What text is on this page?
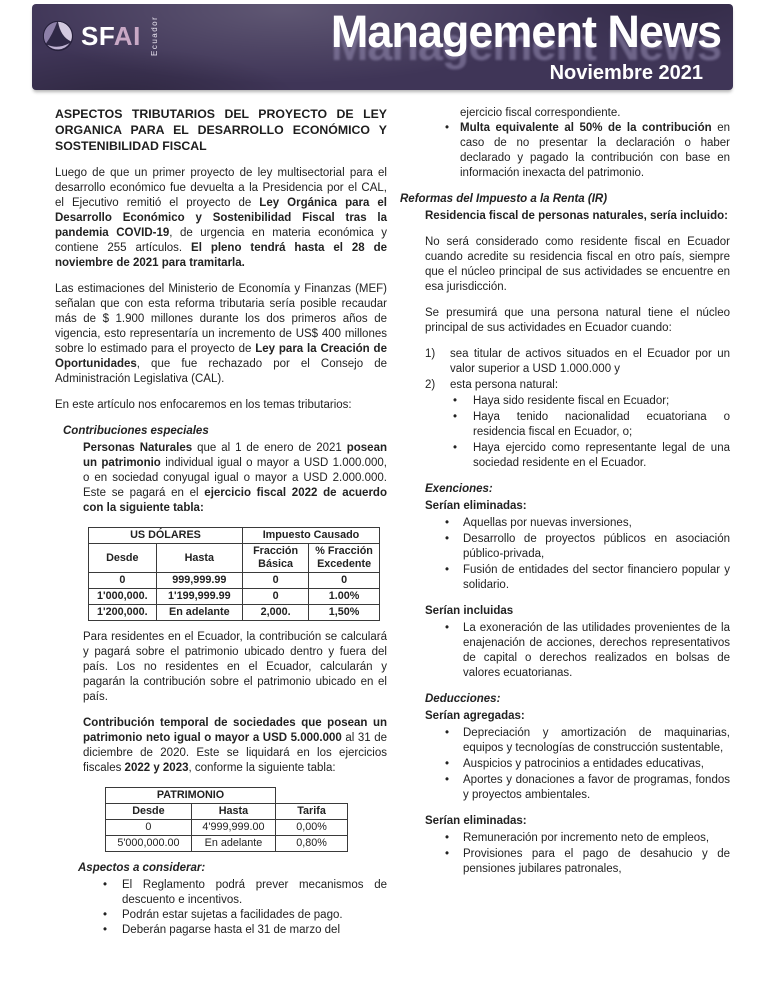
SFAI Ecuador	Management News
Noviembre 2021
ASPECTOS TRIBUTARIOS DEL PROYECTO DE LEY ORGANICA PARA EL DESARROLLO ECONÓMICO Y SOSTENIBILIDAD FISCAL

Luego de que un primer proyecto de ley multisectorial para el desarrollo económico fue devuelta a la Presidencia por el CAL, el Ejecutivo remitió el proyecto de Ley Orgánica para el Desarrollo Económico y Sostenibilidad Fiscal tras la pandemia COVID-19, de urgencia en materia económica y contiene 255 artículos. El pleno tendrá hasta el 28 de noviembre de 2021 para tramitarla.

Las estimaciones del Ministerio de Economía y Finanzas (MEF) señalan que con esta reforma tributaria sería posible recaudar más de $ 1.900 millones durante los dos primeros años de vigencia, esto representaría un incremento de US$ 400 millones sobre lo estimado para el proyecto de Ley para la Creación de Oportunidades, que fue rechazado por el Consejo de Administración Legislativa (CAL).

En este artículo nos enfocaremos en los temas tributarios:

Contribuciones especiales

Personas Naturales que al 1 de enero de 2021 posean un patrimonio individual igual o mayor a USD 1.000.000, o en sociedad conyugal igual o mayor a USD 2.000.000. Este se pagará en el ejercicio fiscal 2022 de acuerdo con la siguiente tabla:

US DÓLARES		Impuesto Causado	
Desde	Hasta	Fracción Básica	% Fracción Excedente
0	999,999.99	0	0
1'000,000.	1'199,999.99	0	1.00%
1'200,000.	En adelante	2,000.	1,50%

Para residentes en el Ecuador, la contribución se calculará y pagará sobre el patrimonio ubicado dentro y fuera del país. Los no residentes en el Ecuador, calcularán y pagarán la contribución sobre el patrimonio ubicado en el país.

Contribución temporal de sociedades que posean un patrimonio neto igual o mayor a USD 5.000.000 al 31 de diciembre de 2020. Este se liquidará en los ejercicios fiscales 2022 y 2023, conforme la siguiente tabla:

PATRIMONIO		
Desde	Hasta	Tarifa
0	4'999,999.00	0,00%
5'000,000.00	En adelante	0,80%
Aspectos a considerar:
• El Reglamento podrá prever mecanismos de descuento e incentivos.
• Podrán estar sujetas a facilidades de pago.
• Deberán pagarse hasta el 31 de marzo del

ejercicio fiscal correspondiente.

• Multa equivalente al 50% de la contribución en caso de no presentar la declaración o haber declarado y pagado la contribución con base en información inexacta del patrimonio.
Reformas del Impuesto a la Renta (IR)
Residencia fiscal de personas naturales, sería incluido:

No será considerado como residente fiscal en Ecuador cuando acredite su residencia fiscal en otro país, siempre que el núcleo principal de sus actividades se encuentre en esa jurisdicción.

Se presumirá que una persona natural tiene el núcleo principal de sus actividades en Ecuador cuando:

1) sea titular de activos situados en el Ecuador por un valor superior a USD 1.000.000 y
2) esta persona natural:
• Haya sido residente fiscal en Ecuador;
• Haya tenido nacionalidad ecuatoriana o residencia fiscal en Ecuador, o;
• Haya ejercido como representante legal de una sociedad residente en el Ecuador.
Exenciones:
Serían eliminadas:
• Aquellas por nuevas inversiones,
• Desarrollo de proyectos públicos en asociación público-privada,
• Fusión de entidades del sector financiero popular y solidario.
Serían incluidas
• La exoneración de las utilidades provenientes de la enajenación de acciones, derechos representativos de capital o derechos realizados en bolsas de valores ecuatorianas.
Deducciones:
Serían agregadas:
• Depreciación y amortización de maquinarias, equipos y tecnologías de construcción sustentable,
• Auspicios y patrocinios a entidades educativas,
• Aportes y donaciones a favor de programas, fondos y proyectos ambientales.
Serían eliminadas:
• Remuneración por incremento neto de empleos,
• Provisiones para el pago de desahucio y de pensiones jubilares patronales,
